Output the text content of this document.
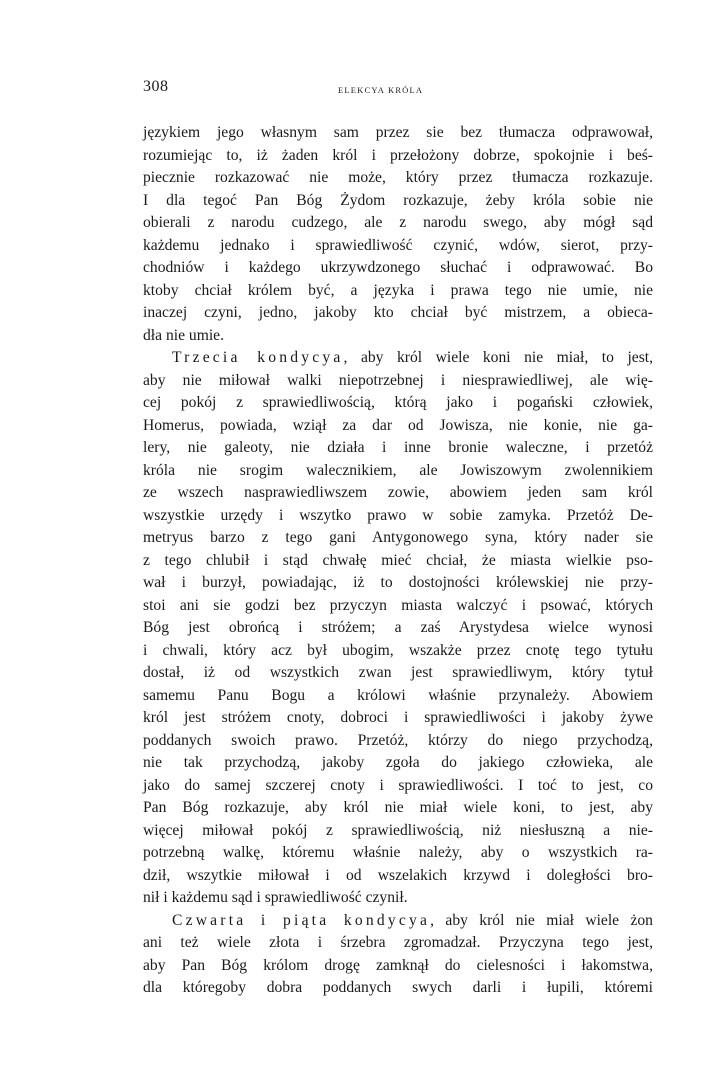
308	ELEKCYA KRÓLA
językiem jego własnym sam przez sie bez tłumacza odprawował,
rozumiejąc to, iż żaden król i przełożony dobrze, spokojnie i beś-
piecznie rozkazować nie może, który przez tłumacza rozkazuje.
I dla tegoć Pan Bóg Żydom rozkazuje, żeby króla sobie nie
obierali z narodu cudzego, ale z narodu swego, aby mógł sąd
każdemu jednako i sprawiedliwość czynić, wdów, sierot, przy-
chodniów i każdego ukrzywdzonego słuchać i odprawować. Bo
ktoby chciał królem być, a języka i prawa tego nie umie, nie
inaczej czyni, jedno, jakoby kto chciał być mistrzem, a obieca-
dła nie umie.
Trzecia kondycya, aby król wiele koni nie miał, to jest,
aby nie miłował walki niepotrzebnej i niesprawiedliwej, ale wię-
cej pokój z sprawiedliwością, którą jako i pogański człowiek,
Homerus, powiada, wziął za dar od Jowisza, nie konie, nie ga-
lery, nie galeoty, nie działa i inne bronie waleczne, i przetóż
króla nie srogim walecznikiem, ale Jowiszowym zwolennikiem
ze wszech nasprawiedliwszem zowie, abowiem jeden sam król
wszystkie urzędy i wszytko prawo w sobie zamyka. Przetóż De-
metryus barzo z tego gani Antygonowego syna, który nader sie
z tego chlubił i stąd chwałę mieć chciał, że miasta wielkie pso-
wał i burzył, powiadając, iż to dostojności królewskiej nie przy-
stoi ani sie godzi bez przyczyn miasta walczyć i psować, których
Bóg jest obrońcą i stróżem; a zaś Arystydesa wielce wynosi
i chwali, który acz był ubogim, wszakże przez cnotę tego tytułu
dostał, iż od wszystkich zwan jest sprawiedliwym, który tytuł
samemu Panu Bogu a królowi właśnie przynależy. Abowiem
król jest stróżem cnoty, dobroci i sprawiedliwości i jakoby żywe
poddanych swoich prawo. Przetóż, którzy do niego przychodzą,
nie tak przychodzą, jakoby zgoła do jakiego człowieka, ale
jako do samej szczerej cnoty i sprawiedliwości. I toć to jest, co
Pan Bóg rozkazuje, aby król nie miał wiele koni, to jest, aby
więcej miłował pokój z sprawiedliwością, niż niesłuszną a nie-
potrzebną walkę, któremu właśnie należy, aby o wszystkich ra-
dził, wszytkie miłował i od wszelakich krzywd i doległości bro-
nił i każdemu sąd i sprawiedliwość czynił.
Czwarta i piąta kondycya, aby król nie miał wiele żon
ani też wiele złota i śrzebra zgromadzał. Przyczyna tego jest,
aby Pan Bóg królom drogę zamknął do cielesności i łakomstwa,
dla któregoby dobra poddanych swych darli i łupili, któremi
